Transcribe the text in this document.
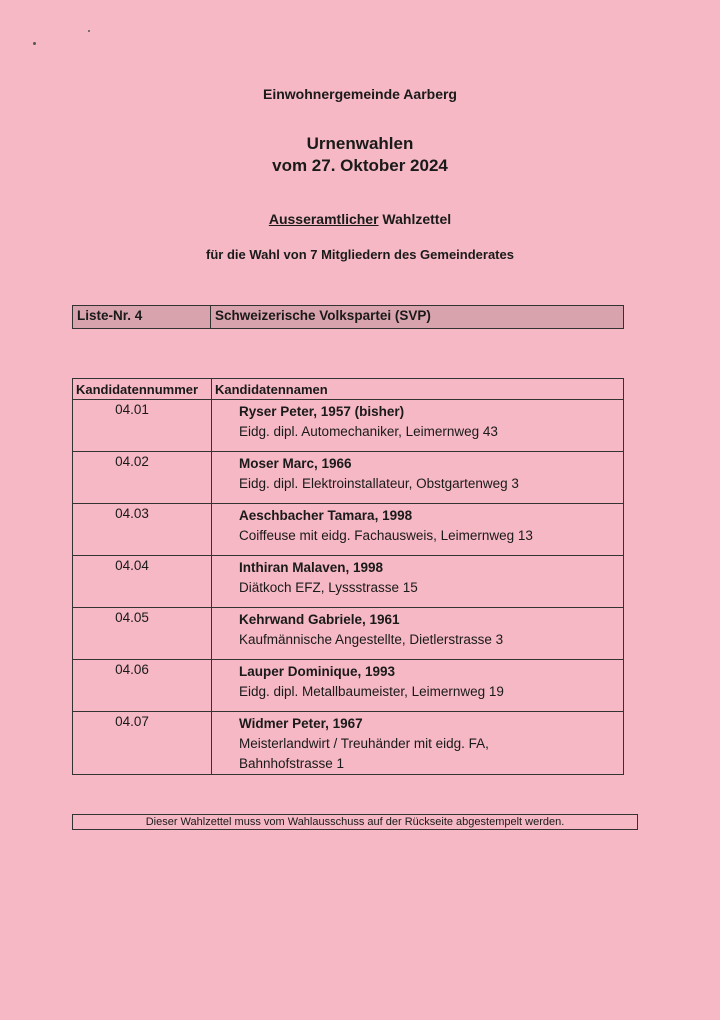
Einwohnergemeinde Aarberg
Urnenwahlen
vom 27. Oktober 2024
Ausseramtlicher Wahlzettel
für die Wahl von 7 Mitgliedern des Gemeinderates
Liste-Nr. 4	Schweizerische Volkspartei (SVP)
Kandidatennummer	Kandidatennamen
04.01	Ryser Peter, 1957 (bisher)
Eidg. dipl. Automechaniker, Leimernweg 43

04.02	Moser Marc, 1966
Eidg. dipl. Elektroinstallateur, Obstgartenweg 3

04.03	Aeschbacher Tamara, 1998
Coiffeuse mit eidg. Fachausweis, Leimernweg 13

04.04	Inthiran Malaven, 1998
Diätkoch EFZ, Lyssstrasse 15

04.05	Kehrwand Gabriele, 1961
Kaufmännische Angestellte, Dietlerstrasse 3

04.06	Lauper Dominique, 1993
Eidg. dipl. Metallbaumeister, Leimernweg 19

04.07	Widmer Peter, 1967
Meisterlandwirt / Treuhänder mit eidg. FA,
Bahnhofstrasse 1
Dieser Wahlzettel muss vom Wahlausschuss auf der Rückseite abgestempelt werden.
